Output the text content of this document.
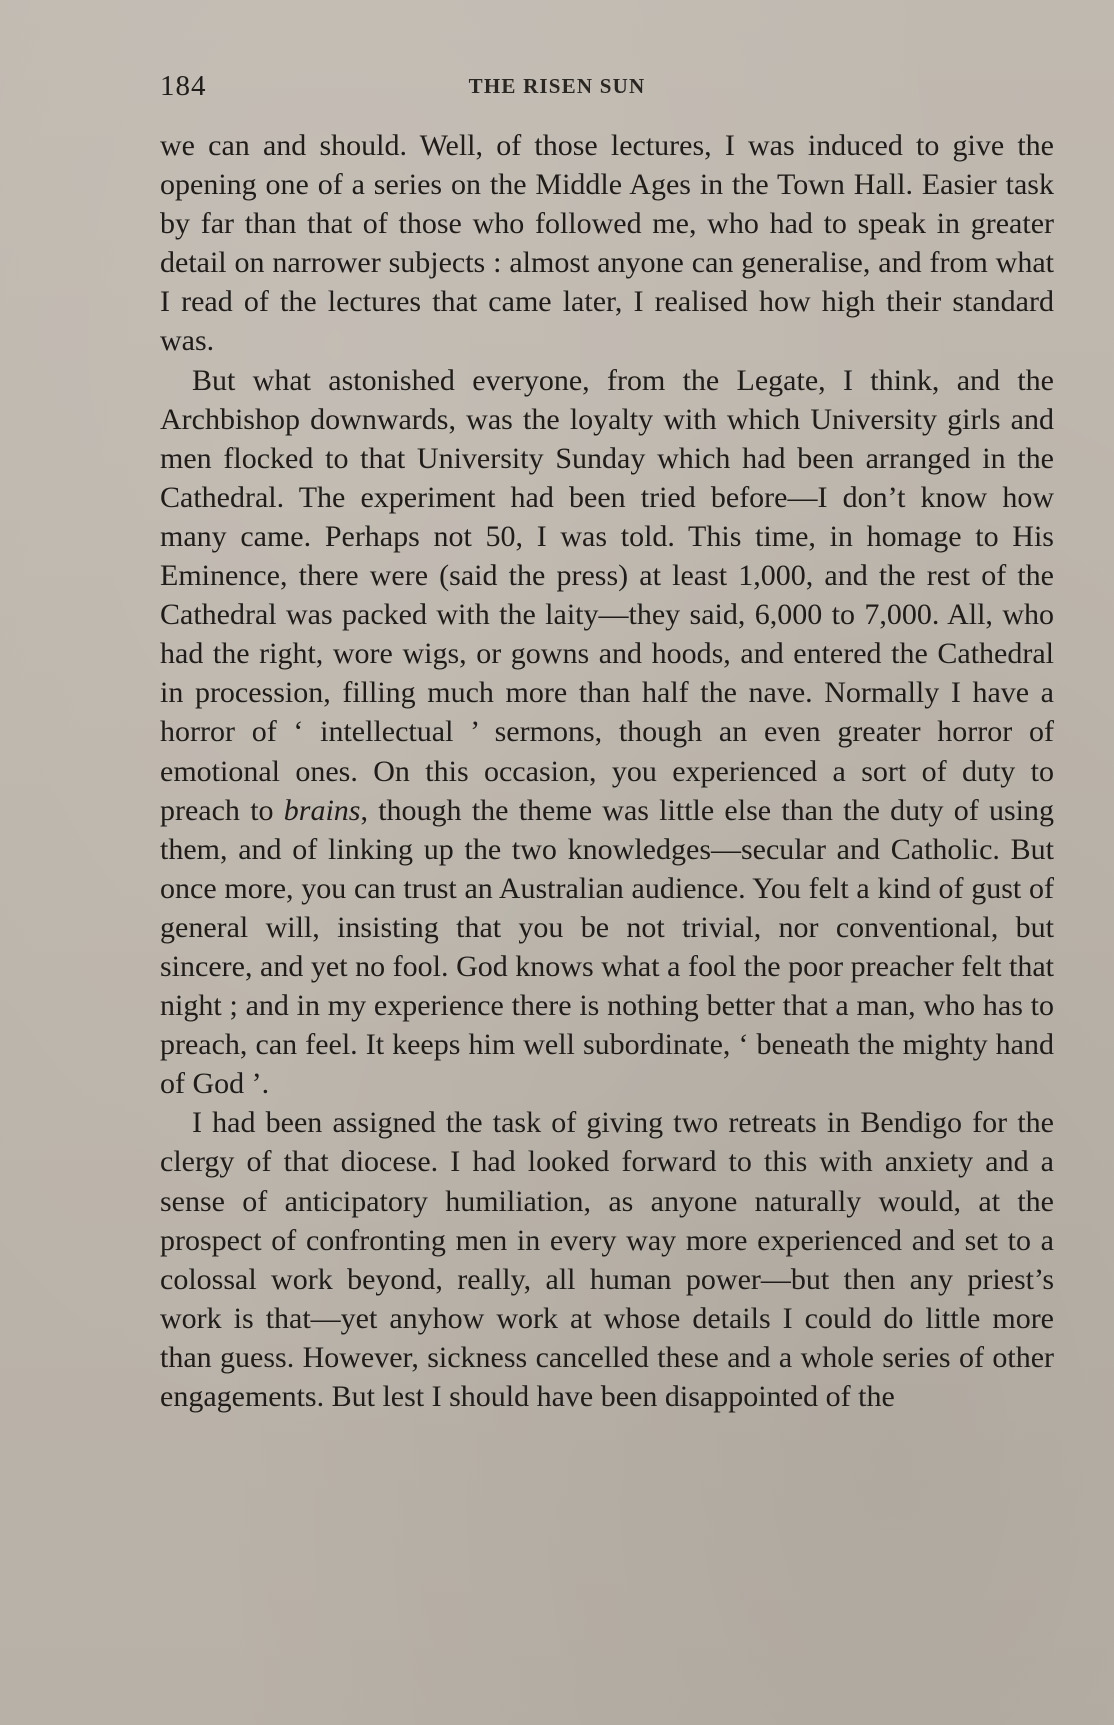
184	THE RISEN SUN

we can and should. Well, of those lectures, I was induced to give the opening one of a series on the Middle Ages in the Town Hall. Easier task by far than that of those who followed me, who had to speak in greater detail on narrower subjects : almost anyone can generalise, and from what I read of the lectures that came later, I realised how high their standard was.

But what astonished everyone, from the Legate, I think, and the Archbishop downwards, was the loyalty with which University girls and men flocked to that University Sunday which had been arranged in the Cathedral. The experiment had been tried before—I don’t know how many came. Perhaps not 50, I was told. This time, in homage to His Eminence, there were (said the press) at least 1,000, and the rest of the Cathedral was packed with the laity—they said, 6,000 to 7,000. All, who had the right, wore wigs, or gowns and hoods, and entered the Cathedral in procession, filling much more than half the nave. Normally I have a horror of ‘ intellectual ’ sermons, though an even greater horror of emotional ones. On this occasion, you experienced a sort of duty to preach to brains, though the theme was little else than the duty of using them, and of linking up the two knowledges—secular and Catholic. But once more, you can trust an Australian audience. You felt a kind of gust of general will, insisting that you be not trivial, nor conventional, but sincere, and yet no fool. God knows what a fool the poor preacher felt that night ; and in my experience there is nothing better that a man, who has to preach, can feel. It keeps him well subordinate, ‘ beneath the mighty hand of God ’.

I had been assigned the task of giving two retreats in Bendigo for the clergy of that diocese. I had looked forward to this with anxiety and a sense of anticipatory humiliation, as anyone naturally would, at the prospect of confronting men in every way more experienced and set to a colossal work beyond, really, all human power—but then any priest’s work is that—yet anyhow work at whose details I could do little more than guess. However, sickness cancelled these and a whole series of other engagements. But lest I should have been disappointed of the
